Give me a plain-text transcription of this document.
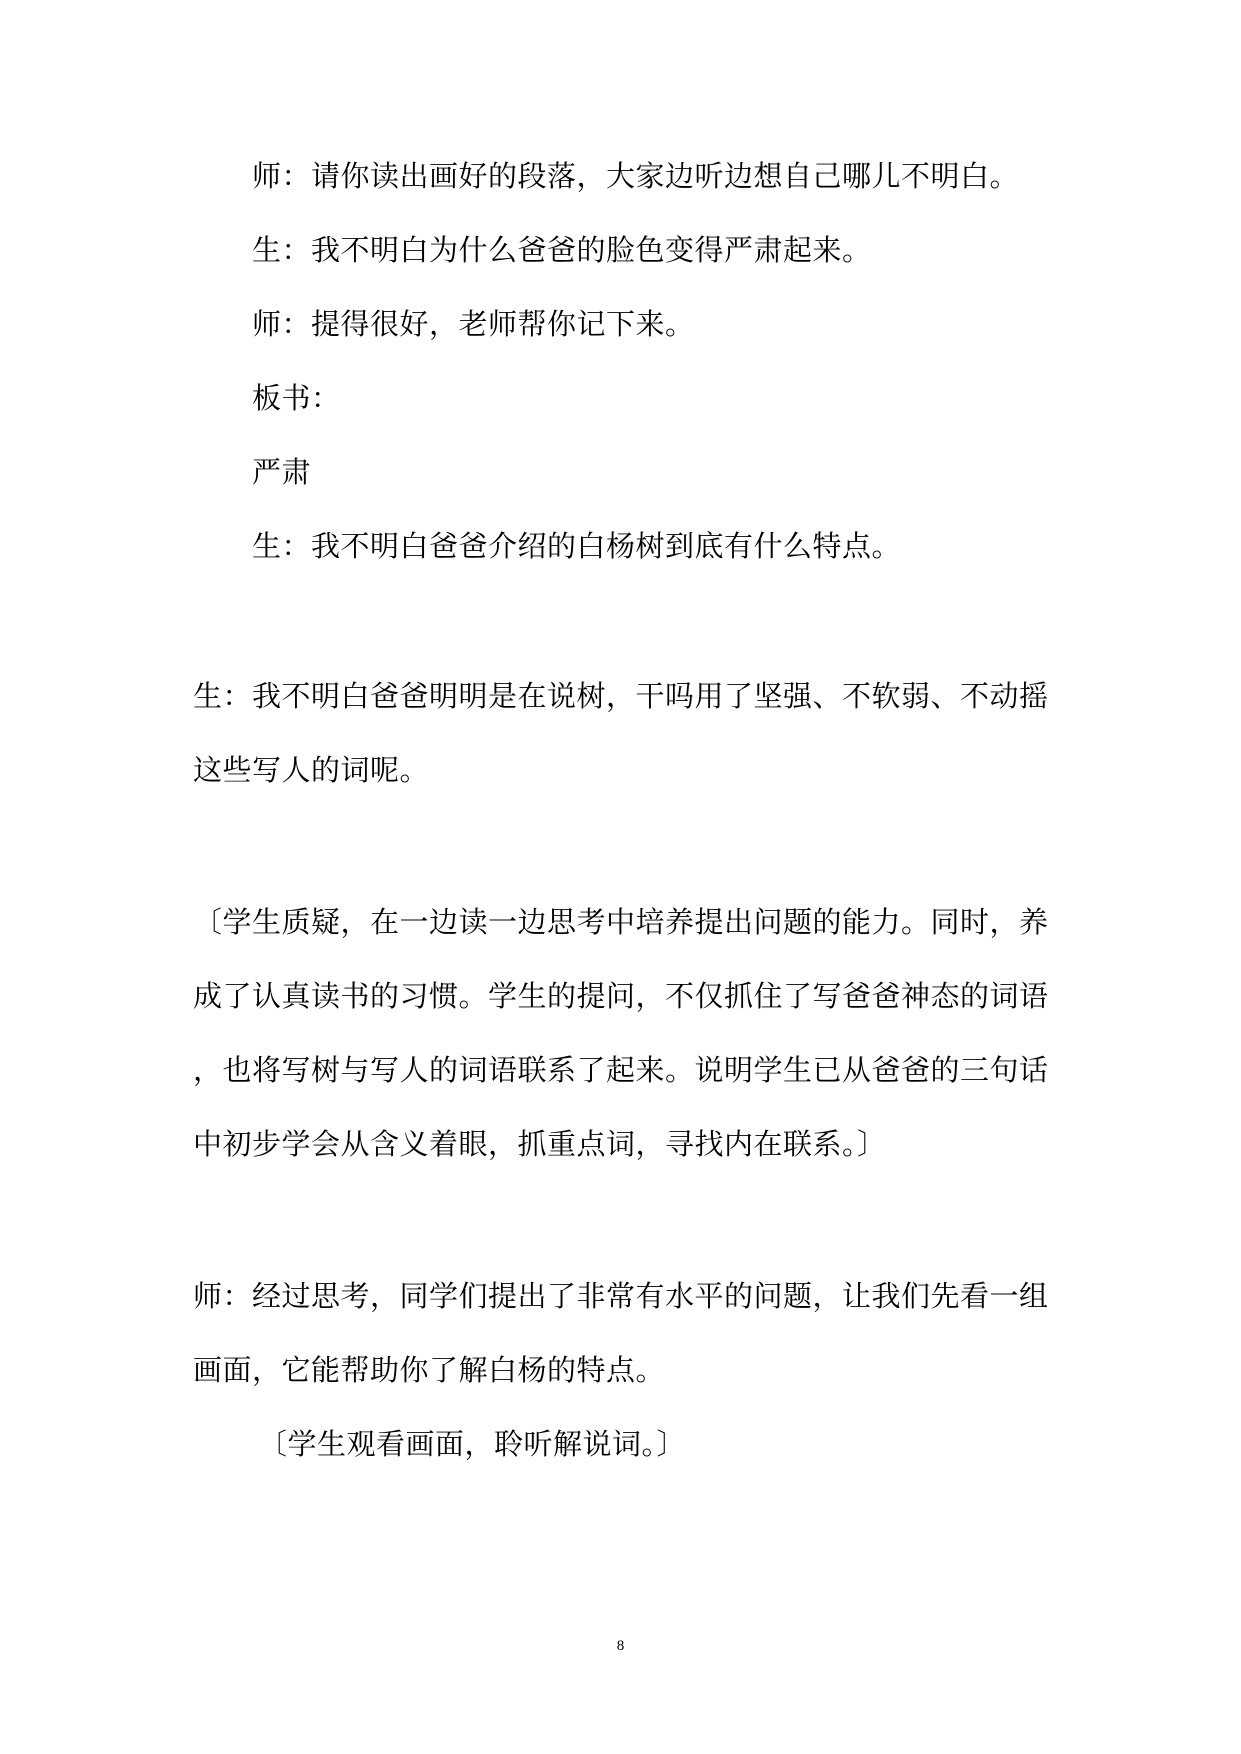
师：请你读出画好的段落，大家边听边想自己哪儿不明白。
生：我不明白为什么爸爸的脸色变得严肃起来。
师：提得很好，老师帮你记下来。
板书：
严肃
生：我不明白爸爸介绍的白杨树到底有什么特点。
生：我不明白爸爸明明是在说树，干吗用了坚强、不软弱、不动摇
这些写人的词呢。
〔学生质疑，在一边读一边思考中培养提出问题的能力。同时，养
成了认真读书的习惯。学生的提问，不仅抓住了写爸爸神态的词语
，也将写树与写人的词语联系了起来。说明学生已从爸爸的三句话
中初步学会从含义着眼，抓重点词，寻找内在联系。〕
师：经过思考，同学们提出了非常有水平的问题，让我们先看一组
画面，它能帮助你了解白杨的特点。
〔学生观看画面，聆听解说词。〕
8
